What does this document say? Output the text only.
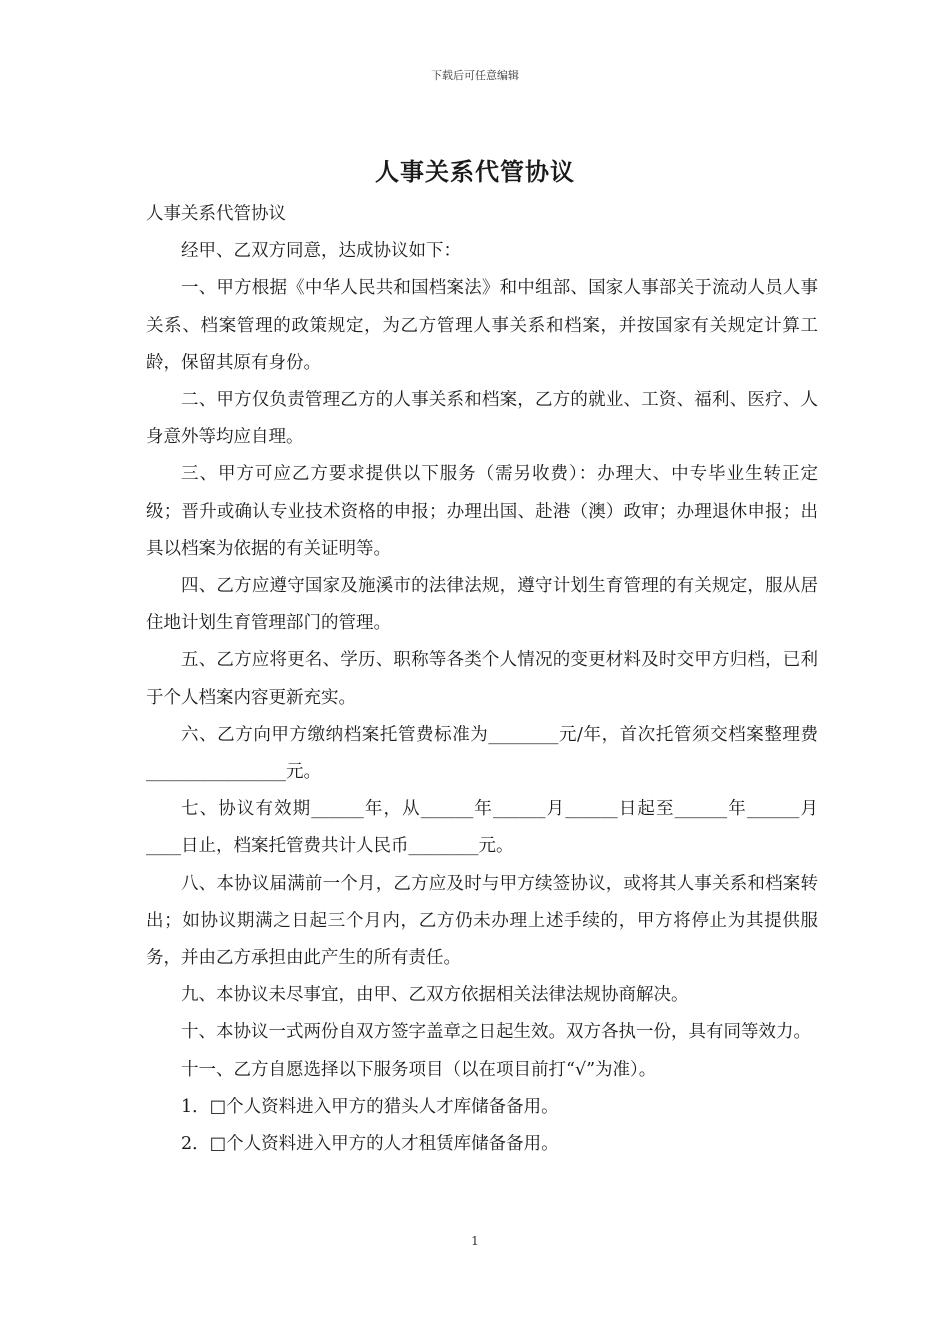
下载后可任意编辑
人事关系代管协议

人事关系代管协议

经甲、乙双方同意，达成协议如下：

一、甲方根据《中华人民共和国档案法》和中组部、国家人事部关于流动人员人事关系、档案管理的政策规定，为乙方管理人事关系和档案，并按国家有关规定计算工龄，保留其原有身份。

二、甲方仅负责管理乙方的人事关系和档案，乙方的就业、工资、福利、医疗、人身意外等均应自理。

三、甲方可应乙方要求提供以下服务（需另收费）：办理大、中专毕业生转正定级；晋升或确认专业技术资格的申报；办理出国、赴港（澳）政审；办理退休申报；出具以档案为依据的有关证明等。

四、乙方应遵守国家及施溪市的法律法规，遵守计划生育管理的有关规定，服从居住地计划生育管理部门的管理。

五、乙方应将更名、学历、职称等各类个人情况的变更材料及时交甲方归档，已利于个人档案内容更新充实。

六、乙方向甲方缴纳档案托管费标准为________元/年，首次托管须交档案整理费________________元。

七、协议有效期______年，从______年______月______日起至______年______月____日止，档案托管费共计人民币________元。

八、本协议届满前一个月，乙方应及时与甲方续签协议，或将其人事关系和档案转出；如协议期满之日起三个月内，乙方仍未办理上述手续的，甲方将停止为其提供服务，并由乙方承担由此产生的所有责任。

九、本协议未尽事宜，由甲、乙双方依据相关法律法规协商解决。

十、本协议一式两份自双方签字盖章之日起生效。双方各执一份，具有同等效力。

十一、乙方自愿选择以下服务项目（以在项目前打“√”为准）。

1．□个人资料进入甲方的猎头人才库储备备用。

2．□个人资料进入甲方的人才租赁库储备备用。

1
